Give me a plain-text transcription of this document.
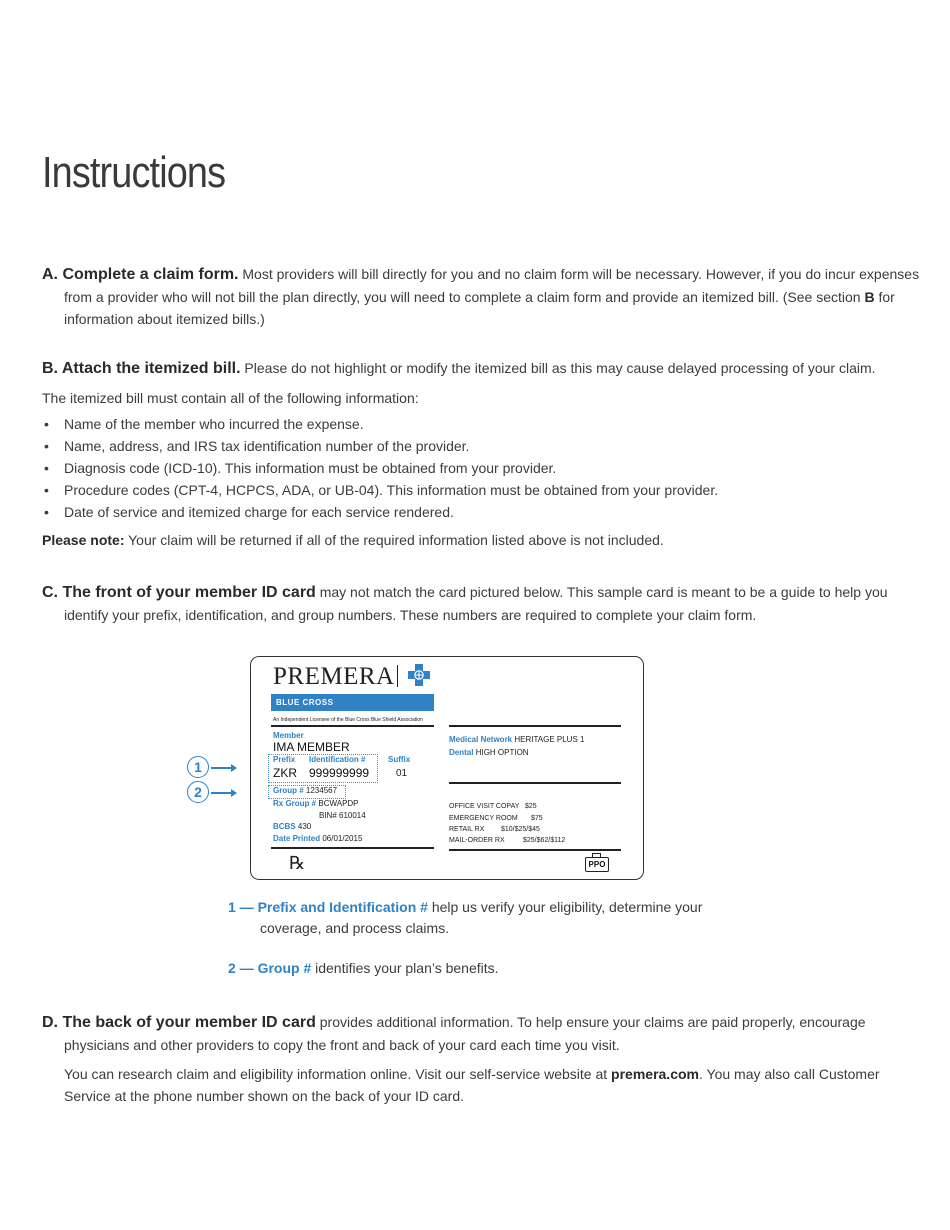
Instructions
A. Complete a claim form. Most providers will bill directly for you and no claim form will be necessary. However, if you do incur expenses from a provider who will not bill the plan directly, you will need to complete a claim form and provide an itemized bill. (See section B for information about itemized bills.)

B. Attach the itemized bill. Please do not highlight or modify the itemized bill as this may cause delayed processing of your claim.

The itemized bill must contain all of the following information:

• Name of the member who incurred the expense.
• Name, address, and IRS tax identification number of the provider.
• Diagnosis code (ICD-10). This information must be obtained from your provider.
• Procedure codes (CPT-4, HCPCS, ADA, or UB-04). This information must be obtained from your provider.
• Date of service and itemized charge for each service rendered.

Please note: Your claim will be returned if all of the required information listed above is not included.

C. The front of your member ID card may not match the card pictured below. This sample card is meant to be a guide to help you identify your prefix, identification, and group numbers. These numbers are required to complete your claim form.
1
2
PREMERA
BLUE CROSS
An Independent Licensee of the Blue Cross Blue Shield Association
Member
IMA MEMBER
Prefix Identification #	Suffix
ZKR 999999999	01
Group # 1234567
Rx Group # BCWAPDP
BIN# 610014
BCBS 430
Date Printed 06/01/2015
℞
Medical Network HERITAGE PLUS 1
Dental HIGH OPTION
OFFICE VISIT COPAY $25
EMERGENCY ROOM $75
RETAIL RX $10/$25/$45
MAIL-ORDER RX	$25/$62/$112
PPO
1 — Prefix and Identification # help us verify your eligibility, determine your coverage, and process claims.
2 — Group # identifies your plan’s benefits.

D. The back of your member ID card provides additional information. To help ensure your claims are paid properly, encourage physicians and other providers to copy the front and back of your card each time you visit.

You can research claim and eligibility information online. Visit our self-service website at premera.com. You may also call Customer Service at the phone number shown on the back of your ID card.
